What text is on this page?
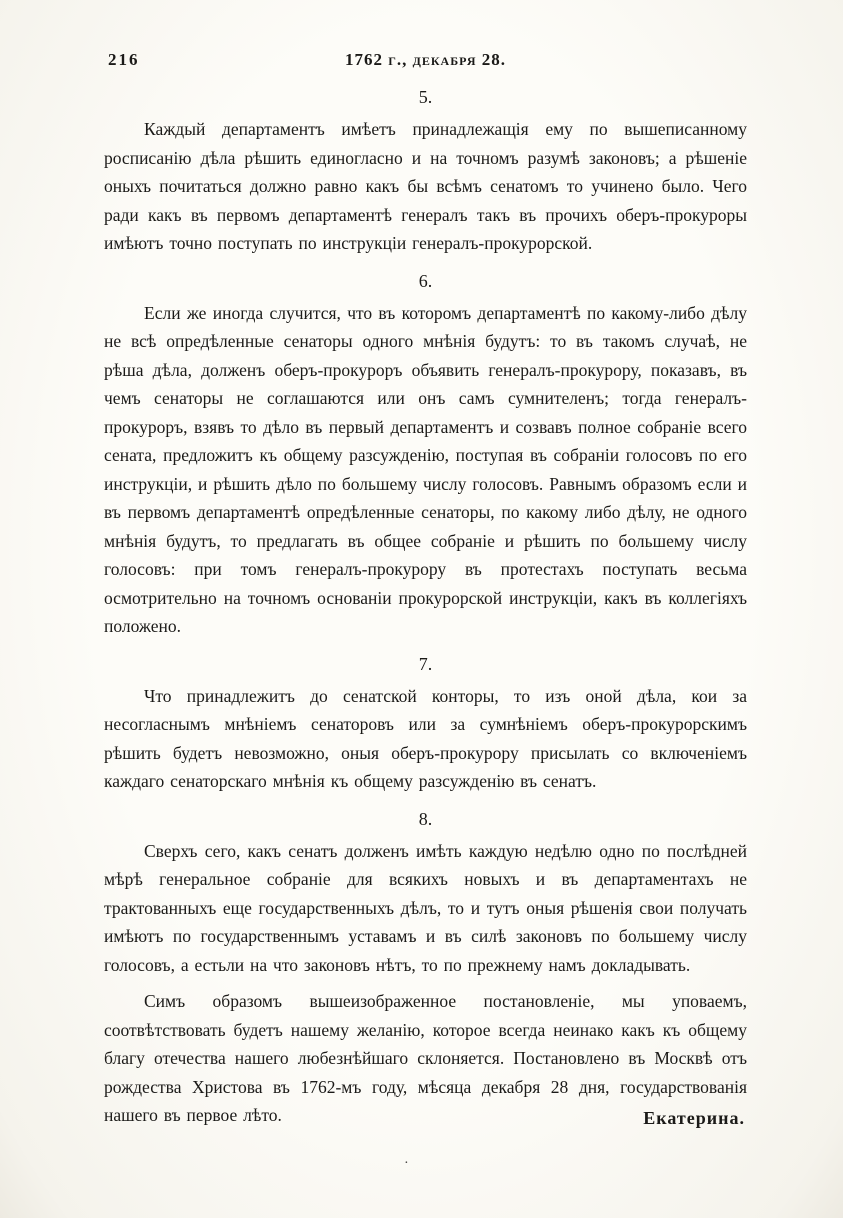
216	1762 г., декабря 28.
5.

Каждый департаментъ имѣетъ принадлежащія ему по вышеписанному росписанію дѣла рѣшить единогласно и на точномъ разумѣ законовъ; а рѣшеніе оныхъ почитаться должно равно какъ бы всѣмъ сенатомъ то учинено было. Чего ради какъ въ первомъ департаментѣ генералъ такъ въ прочихъ оберъ-прокуроры имѣютъ точно поступать по инструкціи генералъ-прокурорской.

6.

Если же иногда случится, что въ которомъ департаментѣ по какому-либо дѣлу не всѣ опредѣленные сенаторы одного мнѣнія будутъ: то въ такомъ случаѣ, не рѣша дѣла, долженъ оберъ-прокуроръ объявить генералъ-прокурору, показавъ, въ чемъ сенаторы не соглашаются или онъ самъ сумнителенъ; тогда генералъ-прокуроръ, взявъ то дѣло въ первый департаментъ и созвавъ полное собраніе всего сената, предложитъ къ общему разсужденію, поступая въ собраніи голосовъ по его инструкціи, и рѣшить дѣло по большему числу голосовъ. Равнымъ образомъ если и въ первомъ департаментѣ опредѣленные сенаторы, по какому либо дѣлу, не одного мнѣнія будутъ, то предлагать въ общее собраніе и рѣшить по большему числу голосовъ: при томъ генералъ-прокурору въ протестахъ поступать весьма осмотрительно на точномъ основаніи прокурорской инструкціи, какъ въ коллегіяхъ положено.

7.

Что принадлежитъ до сенатской конторы, то изъ оной дѣла, кои за несогласнымъ мнѣніемъ сенаторовъ или за сумнѣніемъ оберъ-прокурорскимъ рѣшить будетъ невозможно, оныя оберъ-прокурору присылать со включеніемъ каждаго сенаторскаго мнѣнія къ общему разсужденію въ сенатъ.

8.

Сверхъ сего, какъ сенатъ долженъ имѣть каждую недѣлю одно по послѣдней мѣрѣ генеральное собраніе для всякихъ новыхъ и въ департаментахъ не трактованныхъ еще государственныхъ дѣлъ, то и тутъ оныя рѣшенія свои получать имѣютъ по государственнымъ уставамъ и въ силѣ законовъ по большему числу голосовъ, а естьли на что законовъ нѣтъ, то по прежнему намъ докладывать.

Симъ образомъ вышеизображенное постановленіе, мы уповаемъ, соотвѣтствовать будетъ нашему желанію, которое всегда неинако какъ къ общему благу отечества нашего любезнѣйшаго склоняется. Постановлено въ Москвѣ отъ рождества Христова въ 1762-мъ году, мѣсяца декабря 28 дня, государствованія нашего въ первое лѣто.	Екатерина.
.
